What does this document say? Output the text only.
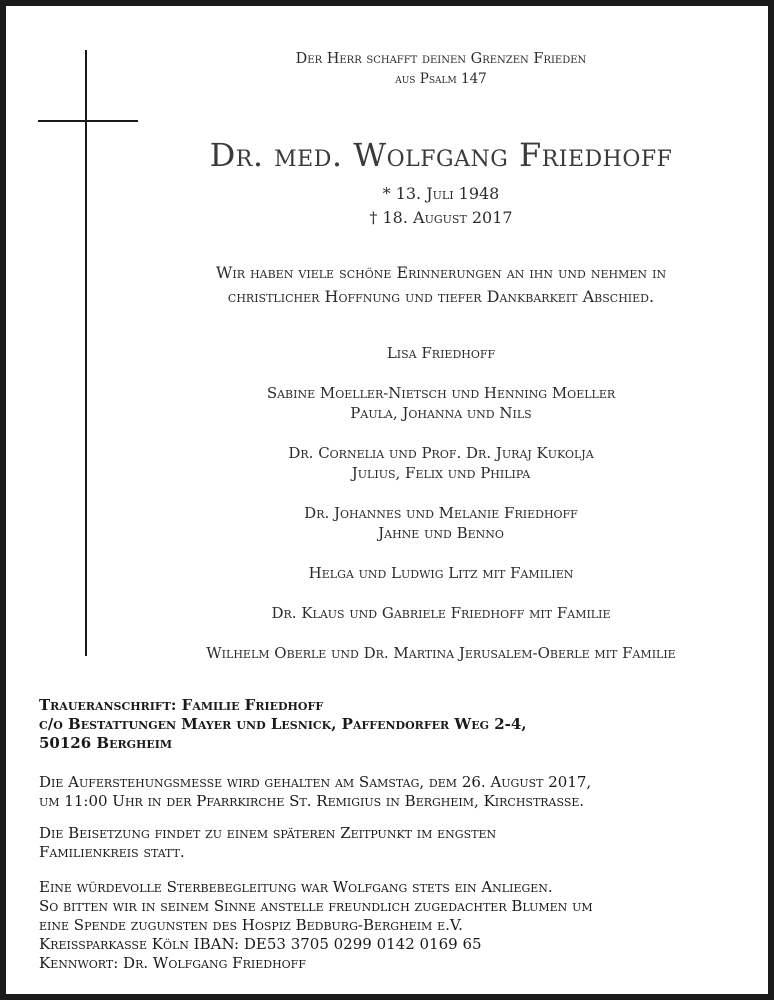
Der Herr schafft deinen Grenzen Frieden
aus Psalm 147
Dr. med. Wolfgang Friedhoff
* 13. Juli 1948
† 18. August 2017
Wir haben viele schöne Erinnerungen an ihn und nehmen in
christlicher Hoffnung und tiefer Dankbarkeit Abschied.
Lisa Friedhoff
Sabine Moeller-Nietsch und Henning Moeller
Paula, Johanna und Nils
Dr. Cornelia und Prof. Dr. Juraj Kukolja
Julius, Felix und Philipa
Dr. Johannes und Melanie Friedhoff
Jahne und Benno
Helga und Ludwig Litz mit Familien
Dr. Klaus und Gabriele Friedhoff mit Familie
Wilhelm Oberle und Dr. Martina Jerusalem-Oberle mit Familie
Traueranschrift: Familie Friedhoff
c/o Bestattungen Mayer und Lesnick, Paffendorfer Weg 2-4,
50126 Bergheim
Die Auferstehungsmesse wird gehalten am Samstag, dem 26. August 2017,
um 11:00 Uhr in der Pfarrkirche St. Remigius in Bergheim, Kirchstrasse.
Die Beisetzung findet zu einem späteren Zeitpunkt im engsten
Familienkreis statt.
Eine würdevolle Sterbebegleitung war Wolfgang stets ein Anliegen.
So bitten wir in seinem Sinne anstelle freundlich zugedachter Blumen um
eine Spende zugunsten des Hospiz Bedburg-Bergheim e.V.
Kreissparkasse Köln IBAN: DE53 3705 0299 0142 0169 65
Kennwort: Dr. Wolfgang Friedhoff
